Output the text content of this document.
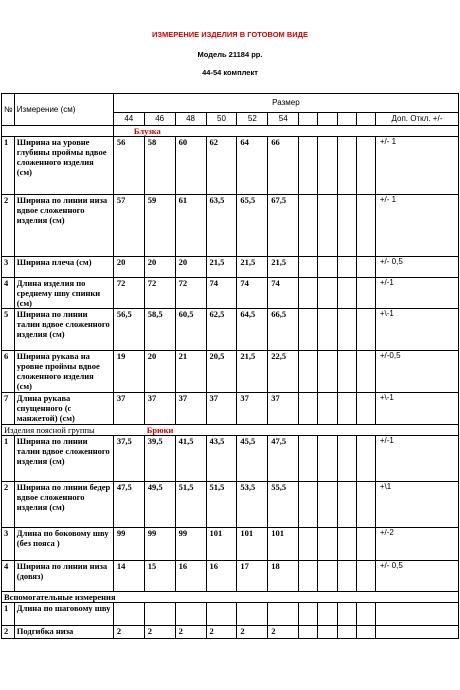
ИЗМЕРЕНИЕ ИЗДЕЛИЯ В ГОТОВОМ ВИДЕ
Модель 21184 рр.
44-54 комплект
№	Измерение (см)	Размер										
		44	46	48	50	52	54					Доп. Откл. +/-
		Блузка										
1	Ширина на уровне глубины проймы вдвое сложенного изделия (см)	56	58	60	62	64	66					+/- 1
2	Ширина по линии низа вдвое сложенного изделия (см)	57	59	61	63,5	65,5	67,5					+/- 1
3	Ширина плеча (см)	20	20	20	21,5	21,5	21,5					+/- 0,5
4	Длина изделия по среднему шву спинки (см)	72	72	72	74	74	74					+/-1
5	Ширина по линии талии вдвое сложенного изделия (см)	56,5	58,5	60,5	62,5	64,5	66,5					+\-1
6	Ширина рукава на уровне проймы вдвое сложенного изделия (см)	19	20	21	20,5	21,5	22,5					+/-0,5
7	Длина рукава спущенного (с манжетой) (см)	37	37	37	37	37	37					+\-1
Изделия поясной группы Брюки												
1	Ширина по линии талии вдвое сложенного изделия (см)	37,5	39,5	41,5	43,5	45,5	47,5					+/-1
2	Ширина по линии бедер вдвое сложенного изделия (см)	47,5	49,5	51,5	51,5	53,5	55,5					+\1
3	Длина по боковому шву (без пояса )	99	99	99	101	101	101					+/-2
4	Ширина по линии низа (довяз)	14	15	16	16	17	18					+/- 0,5
Вспомогательные измерения												
1	Длина по шаговому шву											
2	Подгибка низа	2	2	2	2	2	2					
